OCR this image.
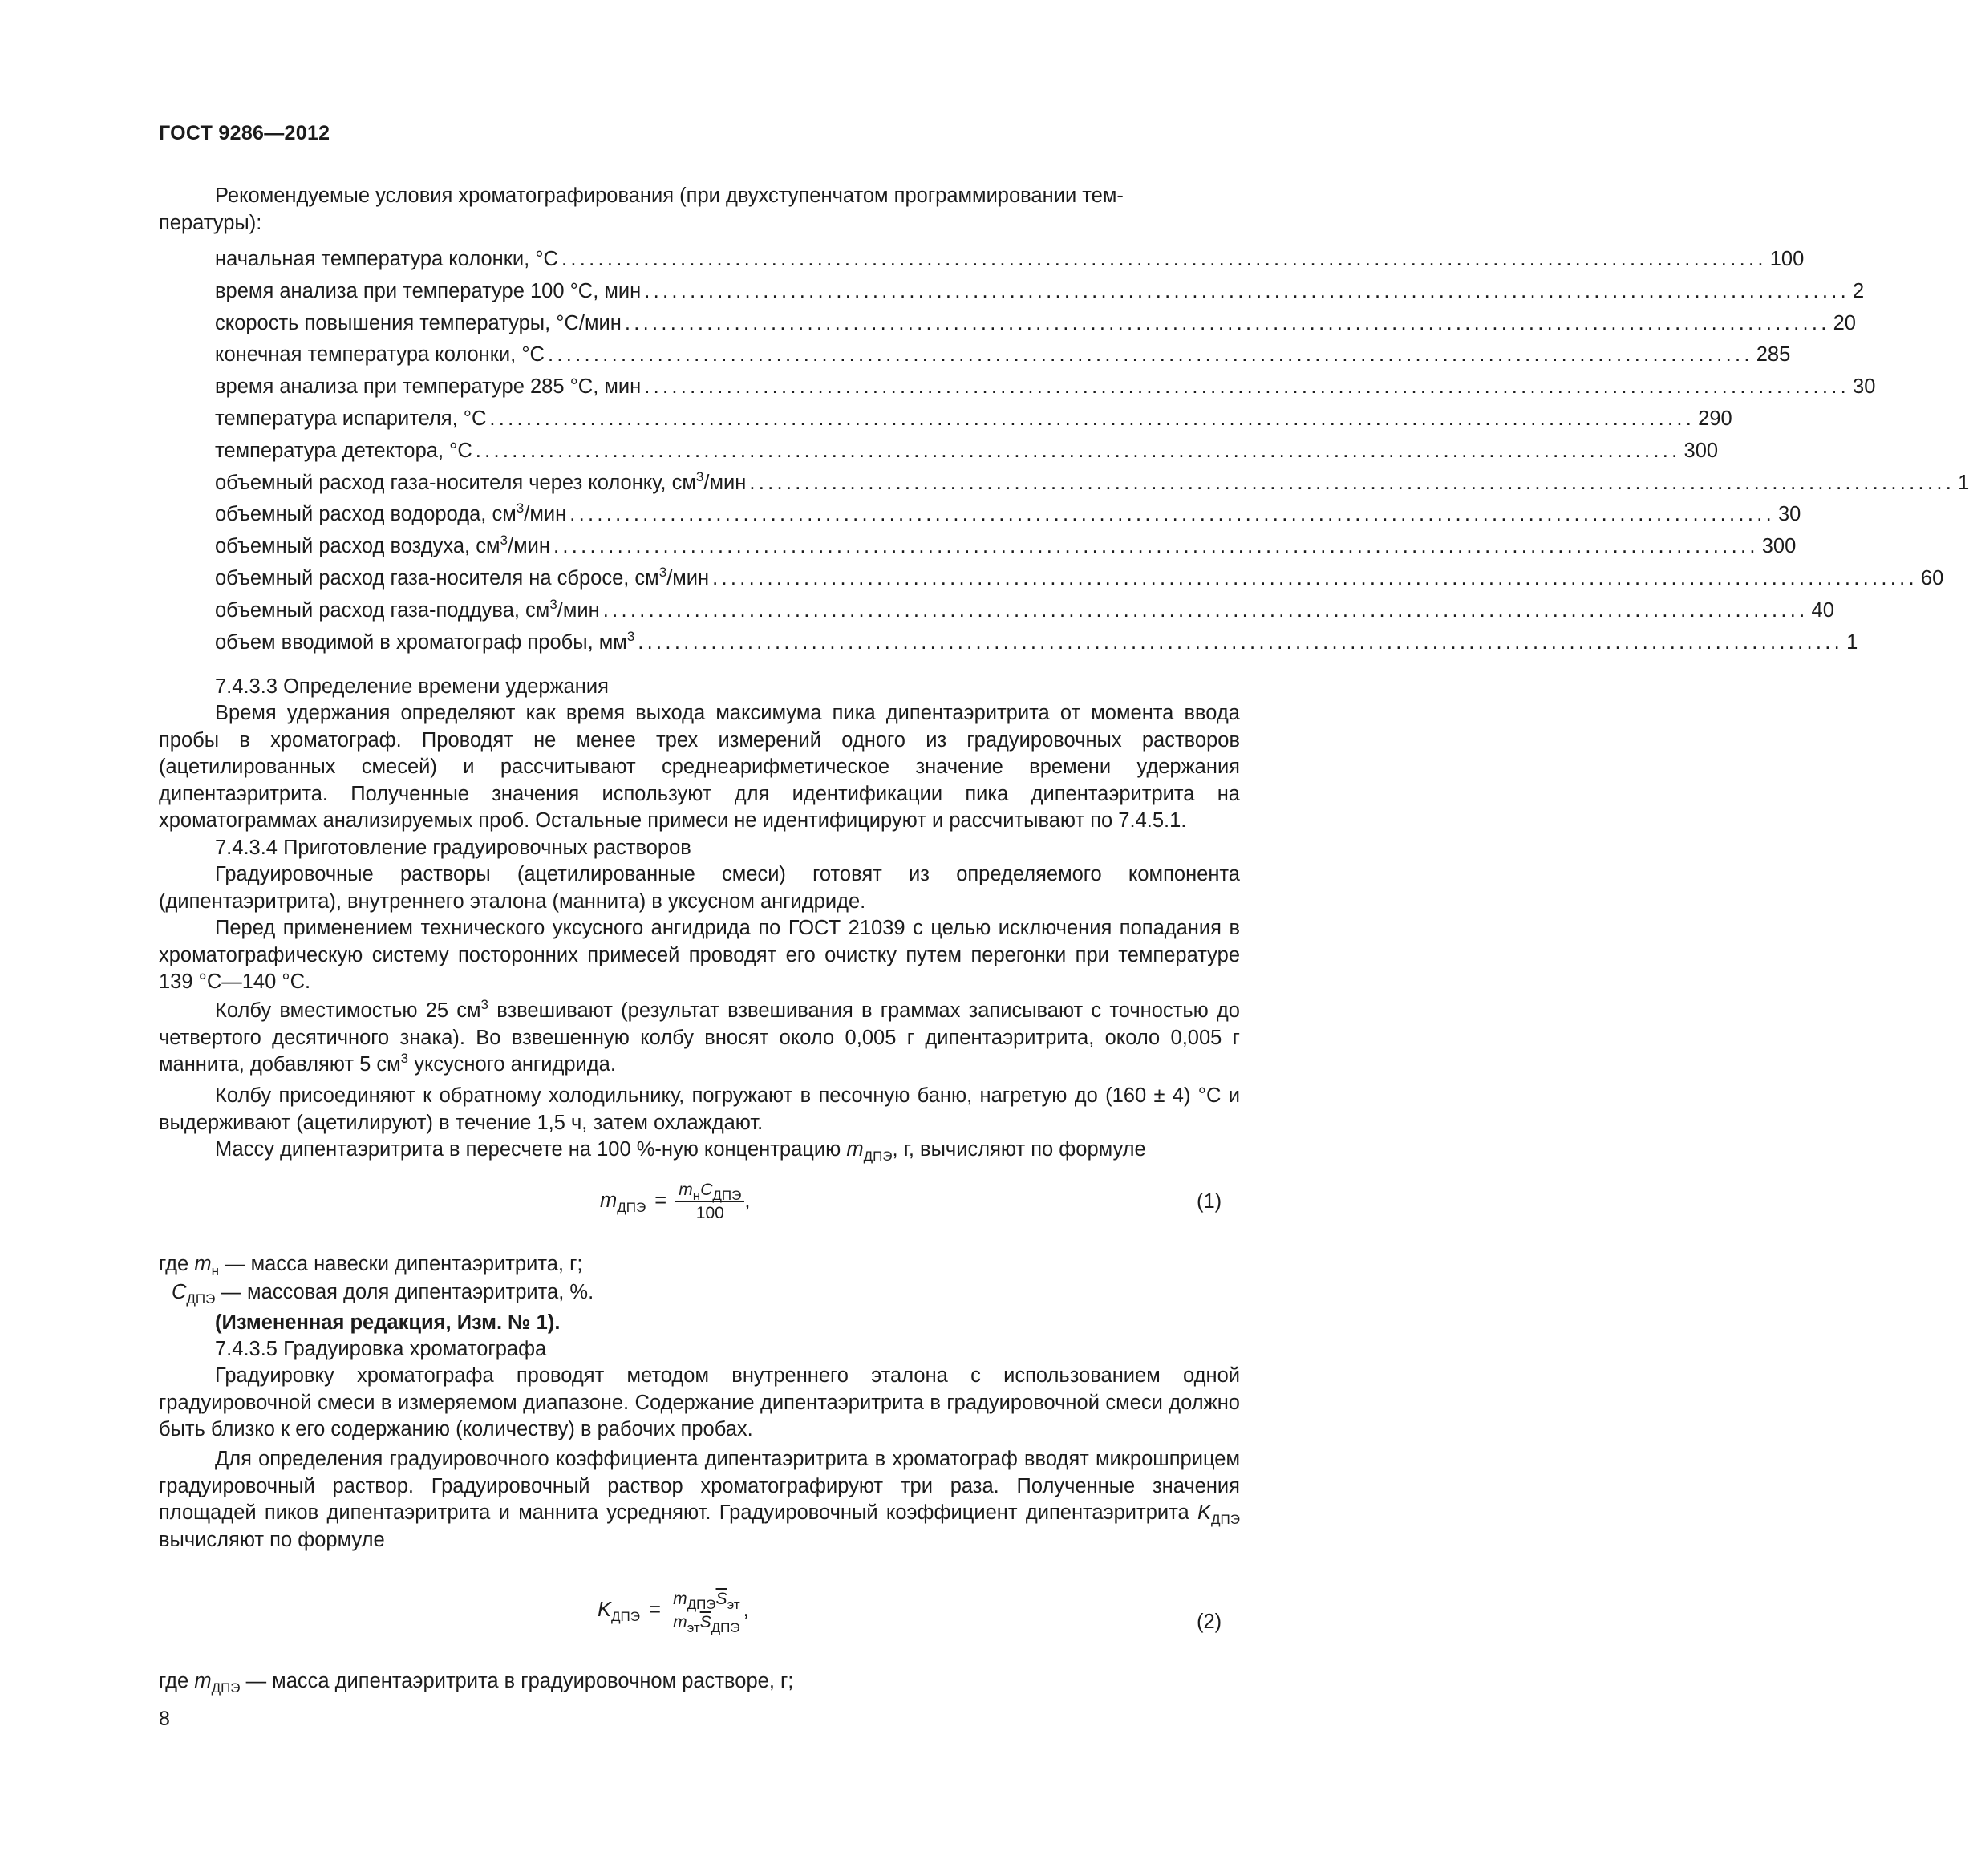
ГОСТ 9286—2012
Рекомендуемые условия хроматографирования (при двухступенчатом программировании тем-
пературы):
начальная температура колонки, °С .................................................................................................................................... 100
время анализа при температуре 100 °С, мин .................................................................................................................................... 2
скорость повышения температуры, °С/мин .................................................................................................................................... 20
конечная температура колонки, °С .................................................................................................................................... 285
время анализа при температуре 285 °С, мин .................................................................................................................................... 30
температура испарителя, °С .................................................................................................................................... 290
температура детектора, °С .................................................................................................................................... 300
объемный расход газа-носителя через колонку, $см^3$/мин .................................................................................................................................... 1
объемный расход водорода, $см^3$/мин .................................................................................................................................... 30
объемный расход воздуха, $см^3$/мин .................................................................................................................................... 300
объемный расход газа-носителя на сбросе, $см^3$/мин .................................................................................................................................... 60
объемный расход газа-поддува, $см^3$/мин .................................................................................................................................... 40
объем вводимой в хроматограф пробы, $мм^3$ .................................................................................................................................... 1
7.4.3.3 Определение времени удержания
Время удержания определяют как время выхода максимума пика дипентаэритрита от момента ввода пробы в хроматограф. Проводят не менее трех измерений одного из градуировочных растворов (ацетилированных смесей) и рассчитывают среднеарифметическое значение времени удержания дипентаэритрита. Полученные значения используют для идентификации пика дипентаэритрита на хроматограммах анализируемых проб. Остальные примеси не идентифицируют и рассчитывают по 7.4.5.1.
7.4.3.4 Приготовление градуировочных растворов
Градуировочные растворы (ацетилированные смеси) готовят из определяемого компонента (дипентаэритрита), внутреннего эталона (маннита) в уксусном ангидриде.
Перед применением технического уксусного ангидрида по ГОСТ 21039 с целью исключения попадания в хроматографическую систему посторонних примесей проводят его очистку путем перегонки при температуре 139 °С—140 °С.
Колбу вместимостью 25 $см^3$ взвешивают (результат взвешивания в граммах записывают с точностью до четвертого десятичного знака). Во взвешенную колбу вносят около 0,005 г дипентаэритрита, около 0,005 г маннита, добавляют 5 $см^3$ уксусного ангидрида.
Колбу присоединяют к обратному холодильнику, погружают в песочную баню, нагретую до (160 ± 4) °С и выдерживают (ацетилируют) в течение 1,5 ч, затем охлаждают.
Массу дипентаэритрита в пересчете на 100 %-ную концентрацию $m_{ДПЭ}$, г, вычисляют по формуле
$m_{ДПЭ} = \frac{m_нC_{ДПЭ}}{100}$ ,	(1)
где $m_н$ — масса навески дипентаэритрита, г;
$C_{ДПЭ}$ — массовая доля дипентаэритрита, %.
(Измененная редакция, Изм. № 1).
7.4.3.5 Градуировка хроматографа
Градуировку хроматографа проводят методом внутреннего эталона с использованием одной градуировочной смеси в измеряемом диапазоне. Содержание дипентаэритрита в градуировочной смеси должно быть близко к его содержанию (количеству) в рабочих пробах.
Для определения градуировочного коэффициента дипентаэритрита в хроматограф вводят микрошприцем градуировочный раствор. Градуировочный раствор хроматографируют три раза. Полученные значения площадей пиков дипентаэритрита и маннита усредняют. Градуировочный коэффициент дипентаэритрита $K_{ДПЭ}$ вычисляют по формуле
$K_{ДПЭ} = \frac{m_{ДПЭ}\overline{S}_{эт}}{m_{эт}\overline{S}_{ДПЭ}}$ ,
(2)
где $m_{ДПЭ}$ — масса дипентаэритрита в градуировочном растворе, г;
8
